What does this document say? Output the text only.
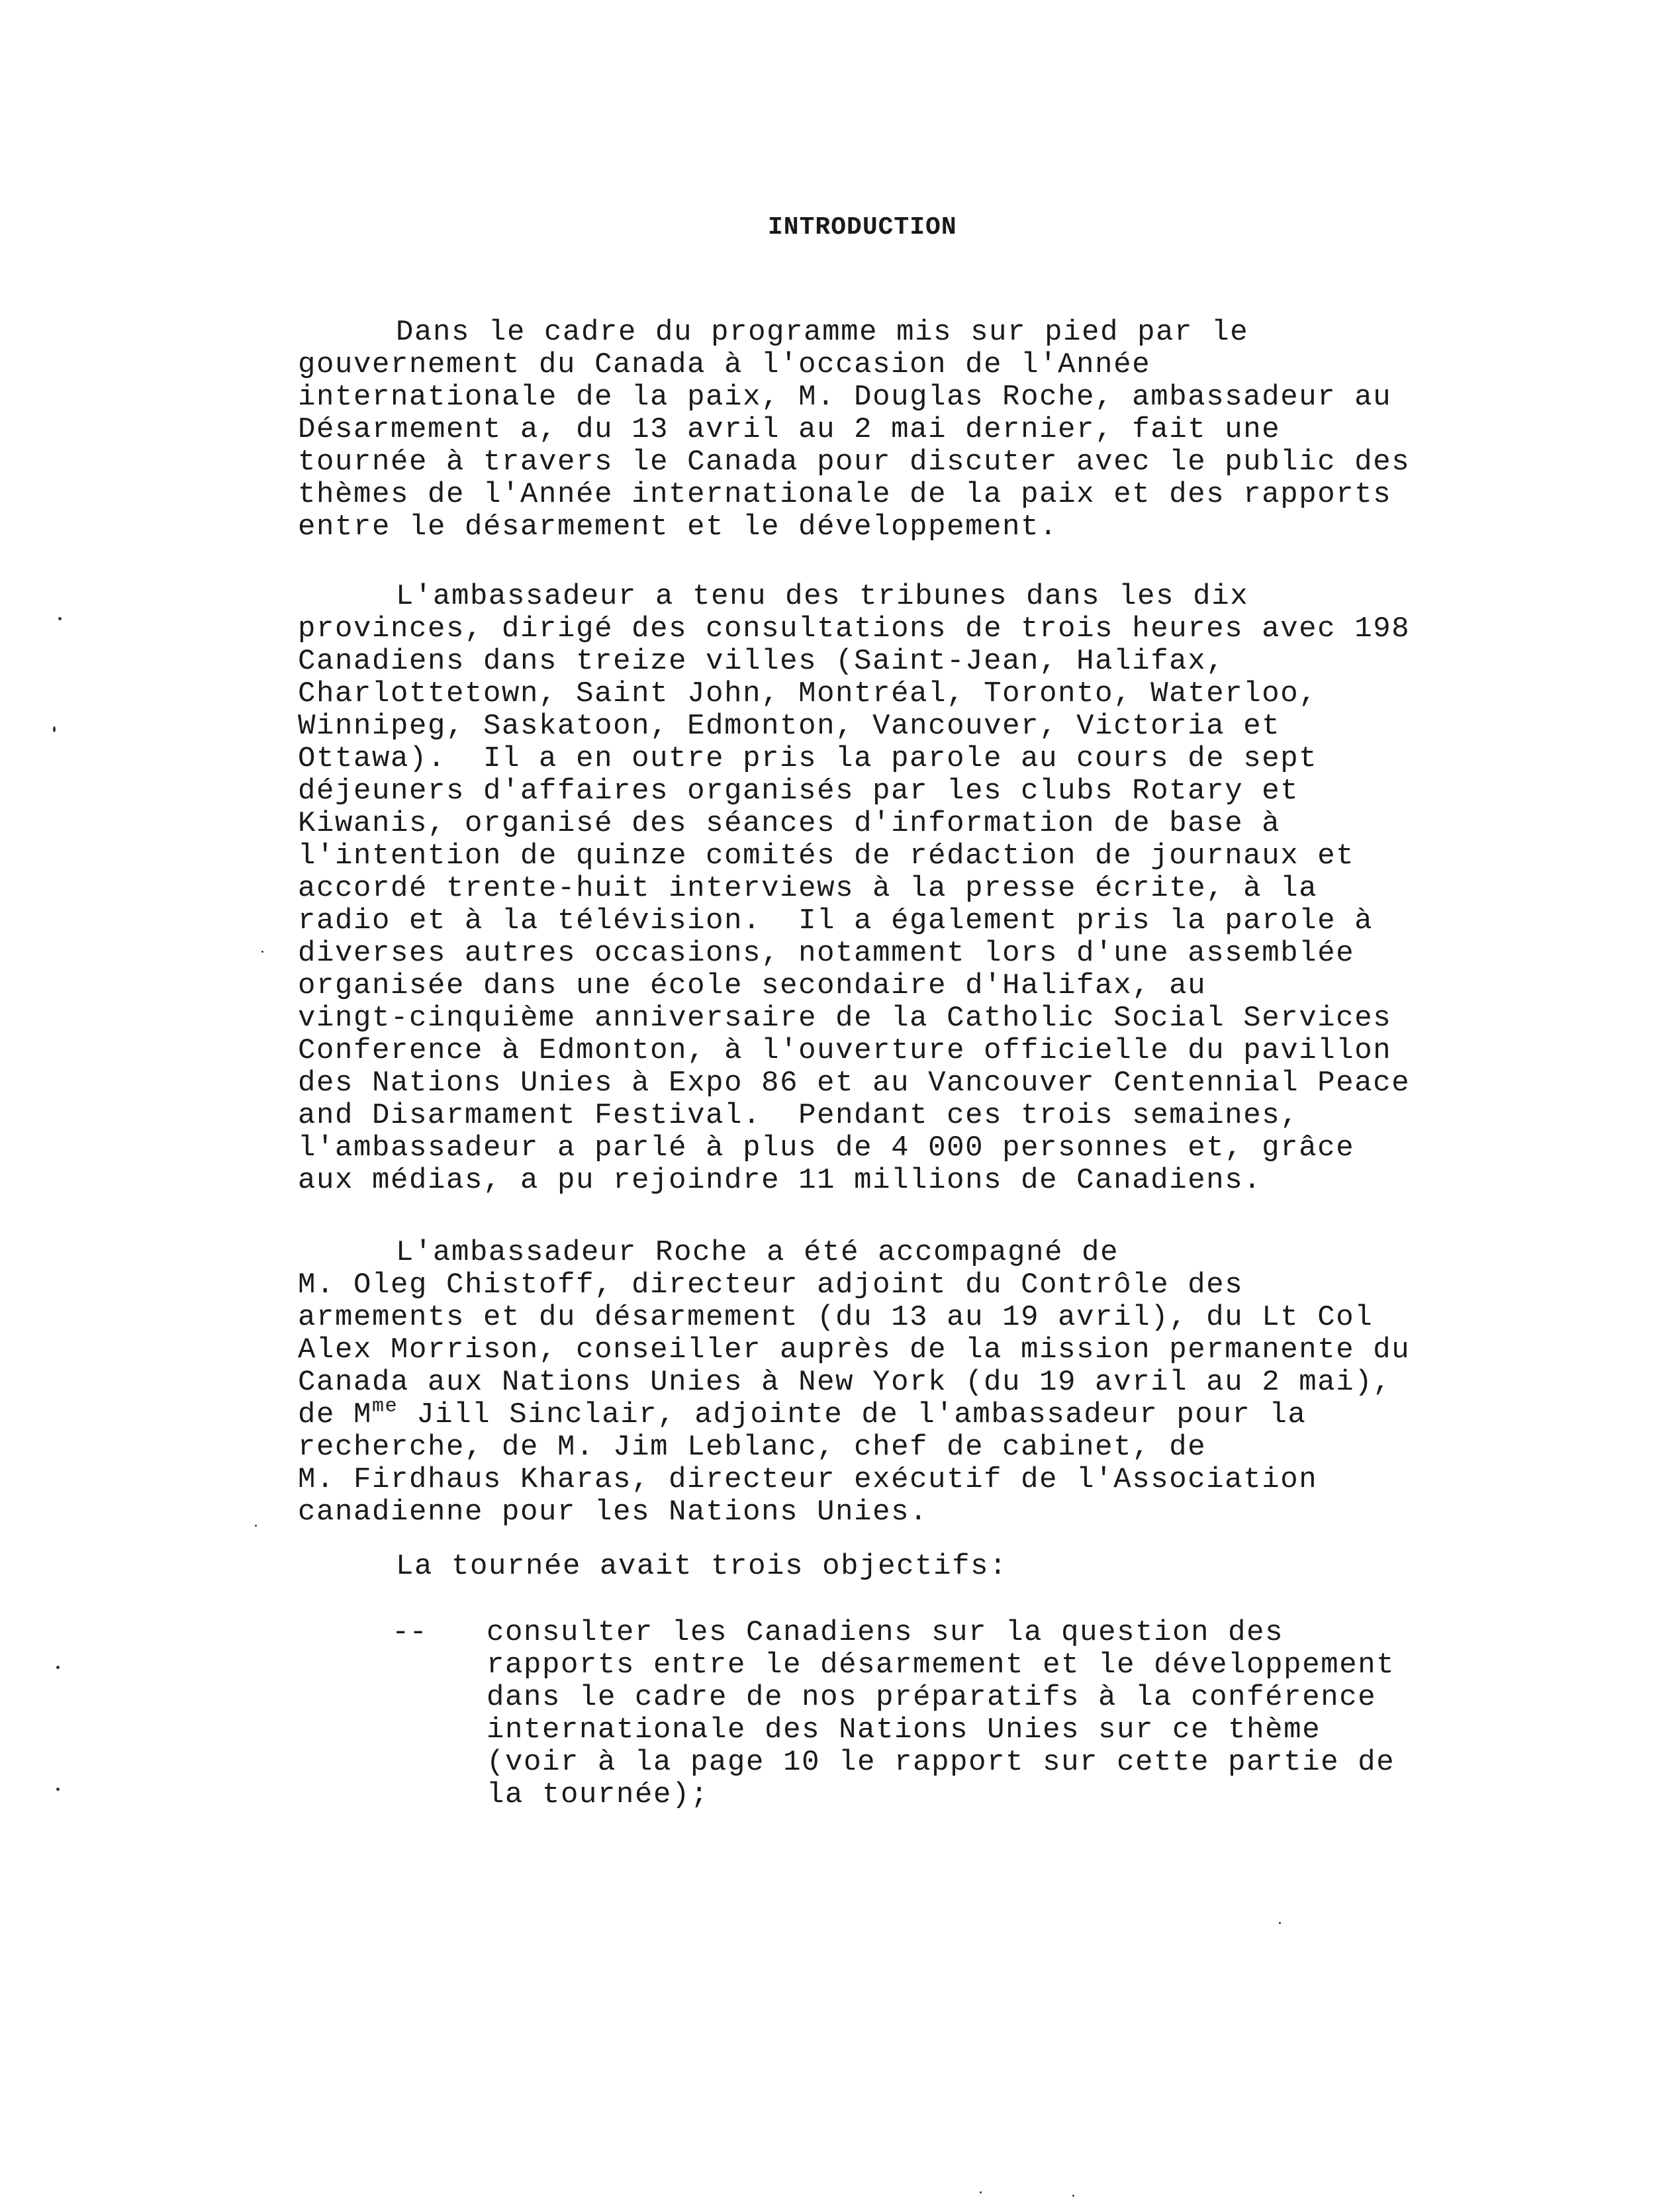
INTRODUCTION
Dans le cadre du programme mis sur pied par le
gouvernement du Canada à l'occasion de l'Année
internationale de la paix, M. Douglas Roche, ambassadeur au
Désarmement a, du 13 avril au 2 mai dernier, fait une
tournée à travers le Canada pour discuter avec le public des
thèmes de l'Année internationale de la paix et des rapports
entre le désarmement et le développement.
L'ambassadeur a tenu des tribunes dans les dix
provinces, dirigé des consultations de trois heures avec 198
Canadiens dans treize villes (Saint-Jean, Halifax,
Charlottetown, Saint John, Montréal, Toronto, Waterloo,
Winnipeg, Saskatoon, Edmonton, Vancouver, Victoria et
Ottawa).  Il a en outre pris la parole au cours de sept
déjeuners d'affaires organisés par les clubs Rotary et
Kiwanis, organisé des séances d'information de base à
l'intention de quinze comités de rédaction de journaux et
accordé trente-huit interviews à la presse écrite, à la
radio et à la télévision.  Il a également pris la parole à
diverses autres occasions, notamment lors d'une assemblée
organisée dans une école secondaire d'Halifax, au
vingt-cinquième anniversaire de la Catholic Social Services
Conference à Edmonton, à l'ouverture officielle du pavillon
des Nations Unies à Expo 86 et au Vancouver Centennial Peace
and Disarmament Festival.  Pendant ces trois semaines,
l'ambassadeur a parlé à plus de 4 000 personnes et, grâce
aux médias, a pu rejoindre 11 millions de Canadiens.
L'ambassadeur Roche a été accompagné de
M. Oleg Chistoff, directeur adjoint du Contrôle des
armements et du désarmement (du 13 au 19 avril), du Lt Col
Alex Morrison, conseiller auprès de la mission permanente du
Canada aux Nations Unies à New York (du 19 avril au 2 mai),
de $M^{me}$ Jill Sinclair, adjointe de l'ambassadeur pour la
recherche, de M. Jim Leblanc, chef de cabinet, de
M. Firdhaus Kharas, directeur exécutif de l'Association
canadienne pour les Nations Unies.
La tournée avait trois objectifs:
-- consulter les Canadiens sur la question des
rapports entre le désarmement et le développement
dans le cadre de nos préparatifs à la conférence
internationale des Nations Unies sur ce thème
(voir à la page 10 le rapport sur cette partie de
la tournée);
